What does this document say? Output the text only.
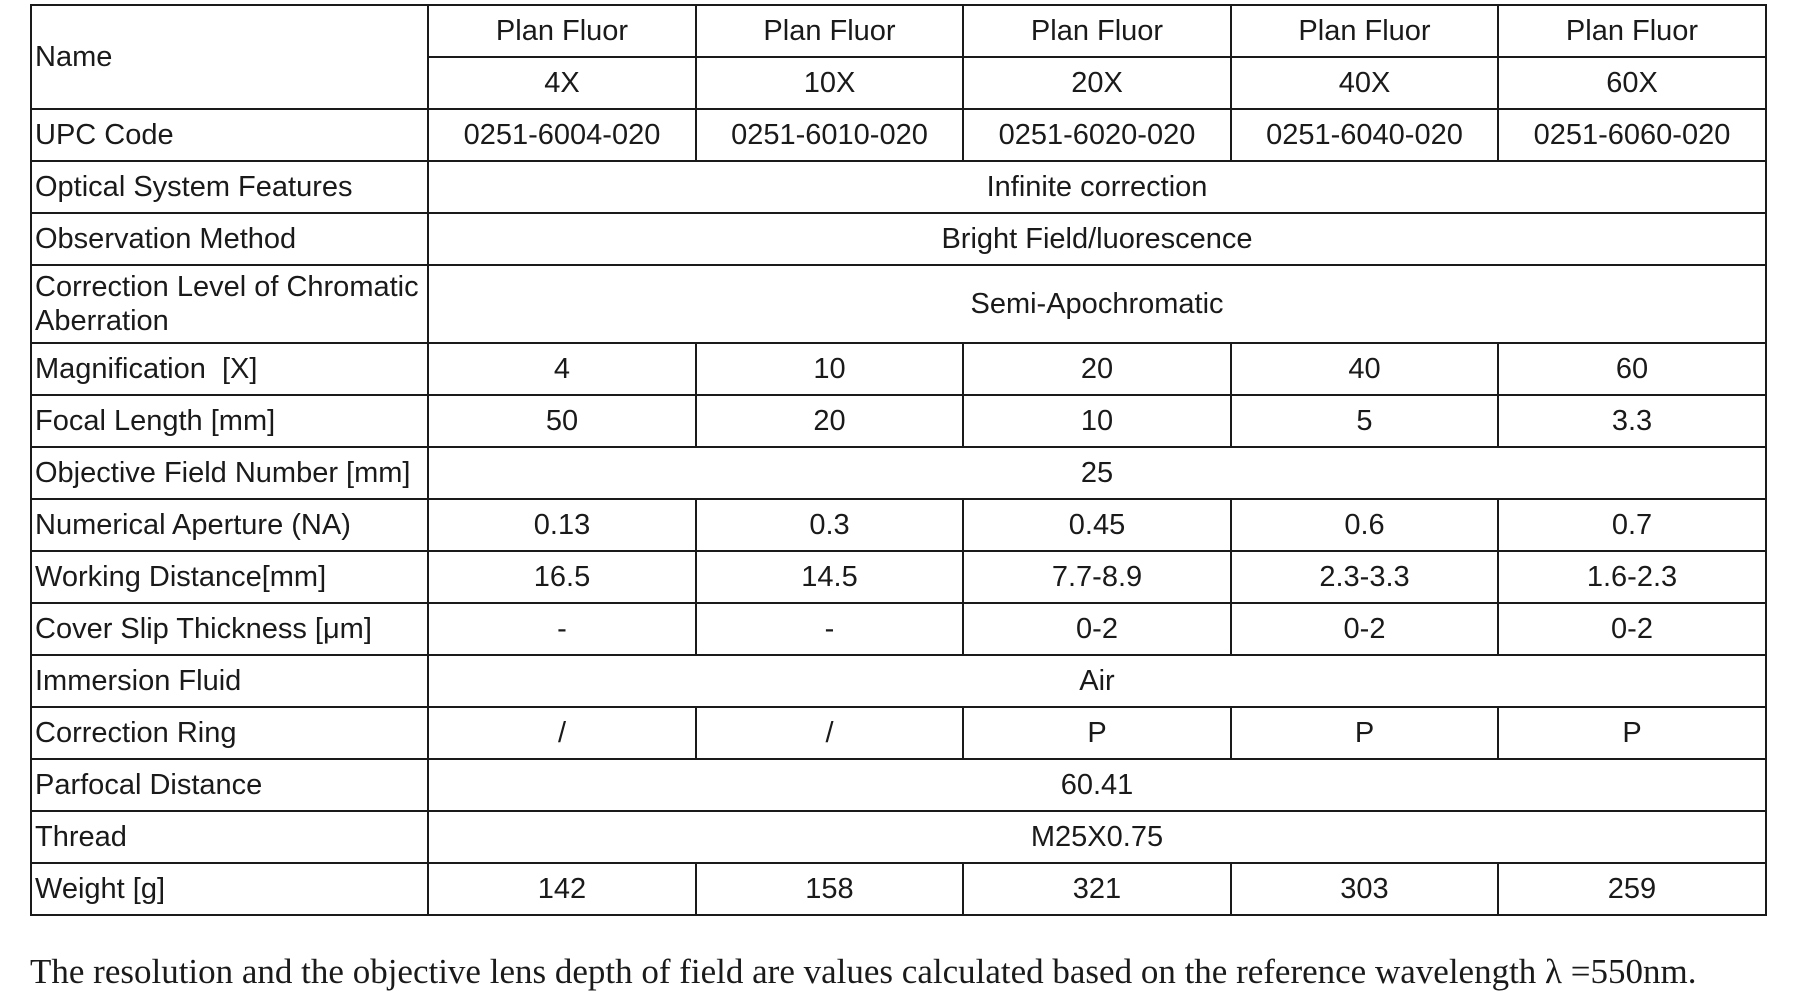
Name	Plan Fluor	Plan Fluor	Plan Fluor	Plan Fluor	Plan Fluor
	4X	10X	20X	40X	60X
UPC Code	0251-6004-020	0251-6010-020	0251-6020-020	0251-6040-020	0251-6060-020
Optical System Features	Infinite correction				
Observation Method	Bright Field/luorescence				
Correction Level of Chromatic Aberration	Semi-Apochromatic				
Magnification  [X]	4	10	20	40	60
Focal Length [mm]	50	20	10	5	3.3
Objective Field Number [mm]	25				
Numerical Aperture (NA)	0.13	0.3	0.45	0.6	0.7
Working Distance[mm]	16.5	14.5	7.7-8.9	2.3-3.3	1.6-2.3
Cover Slip Thickness [μm]	-	-	0-2	0-2	0-2
Immersion Fluid	Air				
Correction Ring	/	/	P	P	P
Parfocal Distance	60.41				
Thread	M25X0.75				
Weight [g]	142	158	321	303	259
The resolution and the objective lens depth of field are values calculated based on the reference wavelength λ =550nm.
